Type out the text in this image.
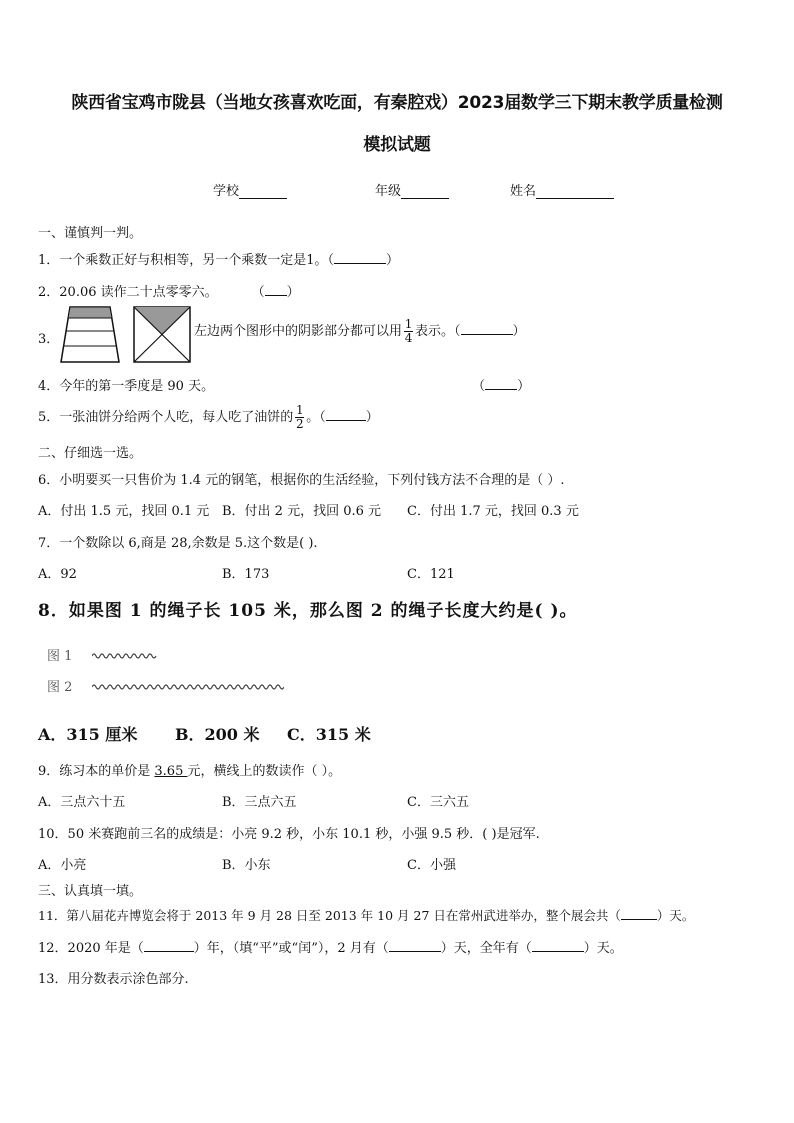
陕西省宝鸡市陇县（当地女孩喜欢吃面，有秦腔戏）2023届数学三下期末教学质量检测
模拟试题
学校	年级	姓名
一、谨慎判一判。
1．一个乘数正好与积相等，另一个乘数一定是1。（	）
2．20.06 读作二十点零零六。	（ ）
3．
左边两个图形中的阴影部分都可以用 $\frac{1}{4}$ 表示。（	）
4．今年的第一季度是 90 天。	（ ）
5．一张油饼分给两个人吃，每人吃了油饼的 $\frac{1}{2}$ 。（	）
二、仔细选一选。
6．小明要买一只售价为 1.4 元的钢笔，根据你的生活经验，下列付钱方法不合理的是（ ）.
A．付出 1.5 元，找回 0.1 元 B．付出 2 元，找回 0.6 元 C．付出 1.7 元，找回 0.3 元
7．一个数除以 6,商是 28,余数是 5.这个数是( ).
A．92	B．173	C．121
8．如果图 1 的绳子长 105 米，那么图 2 的绳子长度大约是( )。
图 1
图 2
A．315 厘米 B．200 米 C．315 米
9．练习本的单价是 3.65 元，横线上的数读作（ ）。
A．三点六十五	B．三点六五	C．三六五
10．50 米赛跑前三名的成绩是：小亮 9.2 秒，小东 10.1 秒，小强 9.5 秒．( )是冠军.
A．小亮	B．小东	C．小强
三、认真填一填。
11．第八届花卉博览会将于 2013 年 9 月 28 日至 2013 年 10 月 27 日在常州武进举办，整个展会共（	）天。
12．2020 年是（	）年，（填“平”或“闰”），2 月有（	）天，全年有（	）天。
13．用分数表示涂色部分.
